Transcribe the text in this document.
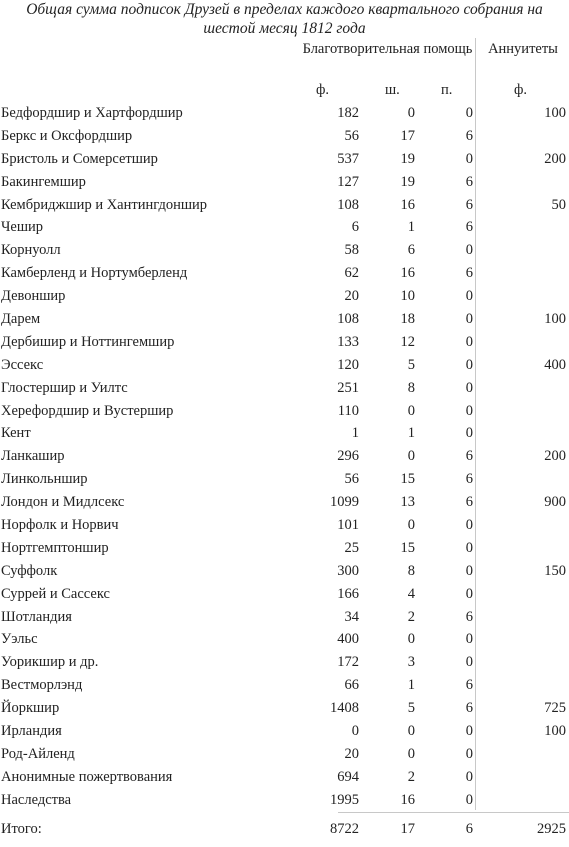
Общая сумма подписок Друзей в пределах каждого квартального собрания на шестой месяц 1812 года
Благотворительная помощь	Аннуитеты
ф.	ш.	п.	ф.
Бедфордшир и Хартфордшир	182	0	0	100
Беркс и Оксфордшир	56	17	6
Бристоль и Сомерсетшир	537	19	0	200
Бакингемшир	127	19	6
Кембриджшир и Хантингдоншир	108	16	6	50
Чешир	6	1	6
Корнуолл	58	6	0
Камберленд и Нортумберленд	62	16	6
Девоншир	20	10	0
Дарем	108	18	0	100
Дербишир и Ноттингемшир	133	12	0
Эссекс	120	5	0	400
Глостершир и Уилтс	251	8	0
Херефордшир и Вустершир	110	0	0
Кент	1	1	0
Ланкашир	296	0	6	200
Линкольншир	56	15	6
Лондон и Мидлсекс	1099	13	6	900
Норфолк и Норвич	101	0	0
Нортгемптоншир	25	15	0
Суффолк	300	8	0	150
Суррей и Сассекс	166	4	0
Шотландия	34	2	6
Уэльс	400	0	0
Уорикшир и др.	172	3	0
Вестморлэнд	66	1	6
Йоркшир	1408	5	6	725
Ирландия	0	0	0	100
Род-Айленд	20	0	0
Анонимные пожертвования	694	2	0
Наследства	1995	16	0
Итого:	8722	17	6	2925
